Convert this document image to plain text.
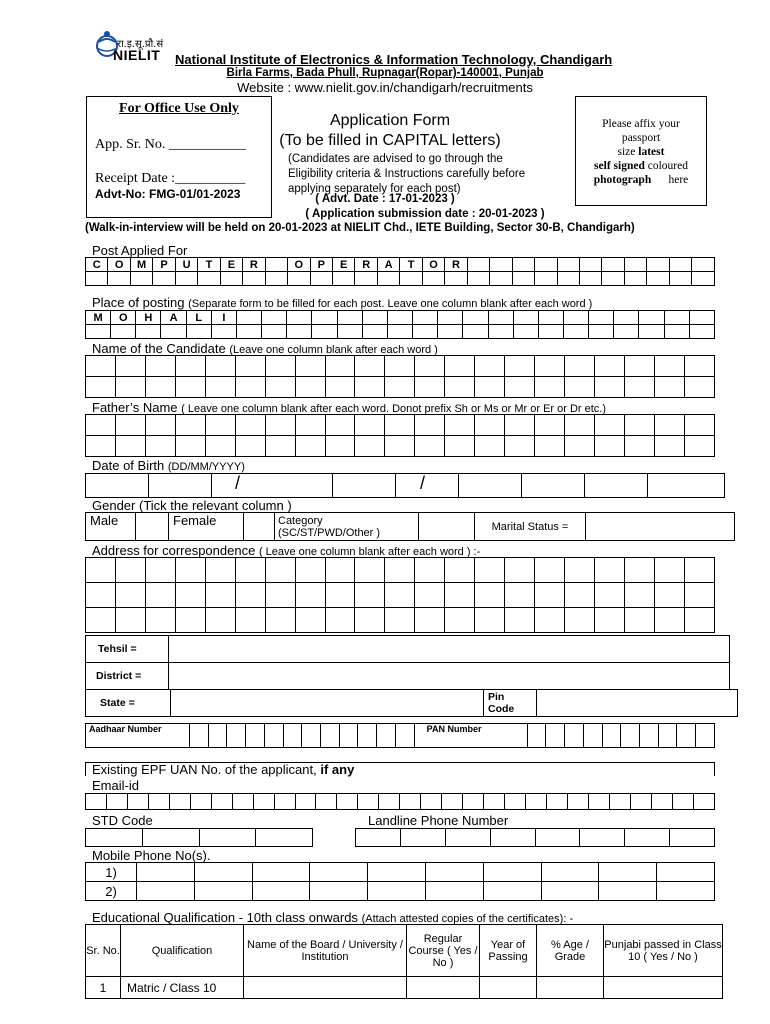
रा.इ.सू.प्रौ.सं
NIELIT National Institute of Electronics & Information Technology, Chandigarh
Birla Farms, Bada Phull, Rupnagar(Ropar)-140001, Punjab
Website : www.nielit.gov.in/chandigarh/recruitments
For Office Use Only
App. Sr. No. ___________
Receipt Date :__________
Advt-No: FMG-01/01-2023
Application Form
(To be filled in CAPITAL letters)
(Candidates are advised to go through the Eligibility criteria & Instructions carefully before applying separately for each post)
( Advt. Date : 17-01-2023 )
( Application submission date : 20-01-2023 )
(Walk-in-interview will be held on 20-01-2023 at NIELIT Chd., IETE Building, Sector 30-B, Chandigarh)
Please affix your
passport
size latest
self signed coloured
photograph      here
Post Applied For
C	O	M	P	U	T	E	R		O	P	E	R	A	T	O	R											

Place of posting (Separate form to be filled for each post. Leave one column blank after each word )
M	O	H	A	L	I																			

Name of the Candidate (Leave one column blank after each word )

Father’s Name ( Leave one column blank after each word. Donot prefix Sh or Ms or Mr or Er or Dr etc.)

Date of Birth (DD/MM/YYYY)

/	/
Gender (Tick the relevant column )
Male		Female		Category
(SC/ST/PWD/Other )		Marital Status =	
Address for correspondence ( Leave one column blank after each word ) :-

Tehsil =	
District =	
State =		Pin
Code

Aadhaar Number													PAN Number										
Existing EPF UAN No. of the applicant, if any
Email-id

STD Code	Landline Phone Number

Mobile Phone No(s).
1)										
2)										
Educational Qualification - 10th class onwards (Attach attested copies of the certificates): -
Sr. No.	Qualification	Name of the Board / University / Institution	Regular Course ( Yes / No )	Year of Passing	% Age / Grade	Punjabi passed in Class 10 ( Yes / No )
1	Matric / Class 10					
